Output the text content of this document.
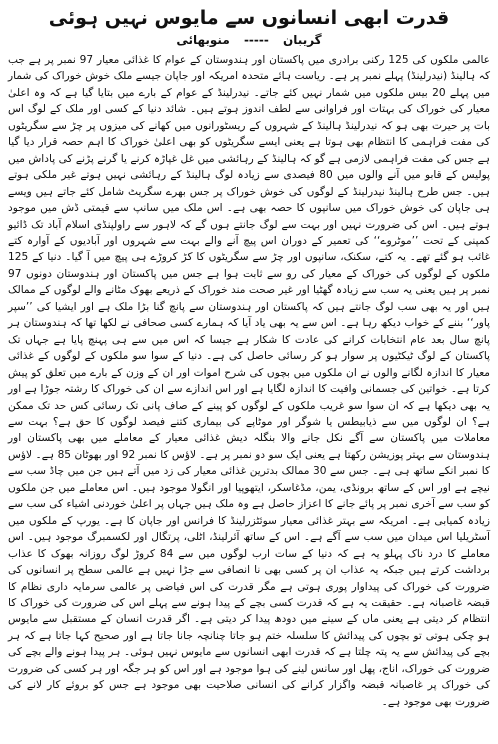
قدرت ابھی انسانوں سے مایوس نہیں ہوئی
گریبان ----- منوبھائی

عالمی ملکوں کی 125 رکنی برادری میں پاکستان اور ہندوستان کے عوام کا غذائی معیار 97 نمبر پر ہے جب کہ ہالینڈ (نیدرلینڈ) پہلے نمبر پر ہے۔ ریاست ہائے متحدہ امریکہ اور جاپان جیسے ملک خوش خوراک کی شمار میں پہلے 20 بیس ملکوں میں شمار نہیں کئے جاتے۔ نیدرلینڈ کے عوام کے بارے میں بتایا گیا ہے کہ وہ اعلیٰ معیار کی خوراک کی بہتات اور فراوانی سے لطف اندوز ہوتے ہیں۔ شائد دنیا کے کسی اور ملک کے لوگ اس بات پر حیرت بھی ہو کہ نیدرلینڈ ہالینڈ کے شہروں کے ریسٹورانوں میں کھانے کی میزوں پر چڑ سے سگریٹوں کی مفت فراہمی کا انتظام بھی ہوتا ہے یعنی ایسے سگریٹوں کو بھی اعلیٰ خوراک کا اہم حصہ قرار دیا گیا ہے جس کی مفت فراہمی لازمی ہے گو کہ ہالینڈ کے رہائشی میں غل غپاڑہ کرنے یا گرنے پڑنے کی پاداش میں پولیس کے قابو میں آنے والوں میں 80 فیصدی سے زیادہ لوگ ہالینڈ کے رہائشی نہیں ہوتے غیر ملکی ہوتے ہیں۔ جس طرح ہالینڈ نیدرلینڈ کے لوگوں کی خوش خوراک پر جس بھرے سگریٹ شامل کئے جاتے ہیں ویسے ہی جاپان کی خوش خوراک میں سانپوں کا حصہ بھی ہے۔ اس ملک میں سانپ سے قیمتی ڈش میں موجود ہوتے ہیں۔ اس کی ضرورت نہیں اور بہت سے لوگ جانتے ہوں گے کہ لاہور سے راولپنڈی اسلام آباد تک ڈائیو کمپنی کے تحت ’’موٹروے‘‘ کی تعمیر کے دوران اس پیچ آنے والے بہت سے شہروں اور آبادیوں کے آوارہ کتے غائب ہو گئے تھے۔ یہ کتے، سکنک، سانپوں اور چڑ سے سگریٹوں کا کڑ کروڑے ہی پیچ میں آ گیا۔ دنیا کے 125 ملکوں کے لوگوں کی خوراک کے معیار کی رو سے ثابت ہوا ہے جس میں پاکستان اور ہندوستان دونوں 97 نمبر پر ہیں یعنی یہ سب سے زیادہ گھٹیا اور غیر صحت مند خوراک کے ذریعے بھوک مٹانے والے لوگوں کے ممالک ہیں اور یہ بھی سب لوگ جانتے ہیں کہ پاکستان اور ہندوستان سے پانچ گنا بڑا ملک ہے اور ایشیا کی ’’سپر پاور‘‘ بننے کے خواب دیکھ رہا ہے۔ اس سے یہ بھی یاد آیا کہ ہمارے کسی صحافی نے لکھا تھا کہ ہندوستان ہر پانچ سال بعد عام انتخابات کرانے کی عادت کا شکار ہے جیسا کہ اس میں سے ہی پہنچ پایا ہے جہاں تک پاکستان کے لوگ ٹیکٹیوں پر سوار ہو کر رسائی حاصل کی ہے۔ دنیا کے سوا سو ملکوں کے لوگوں کے غذائی معیار کا اندازہ لگانے والوں نے ان ملکوں میں بچوں کی شرح اموات اور ان کے وزن کے بارے میں تعلق کو پیش کرتا ہے۔ خواتین کی جسمانی وافیت کا اندازہ لگایا ہے اور اس اندازے سے ان کی خوراک کا رشتہ جوڑا ہے اور یہ بھی دیکھا ہے کہ ان سوا سو غریب ملکوں کے لوگوں کو پینے کے صاف پانی تک رسائی کس حد تک ممکن ہے؟ ان لوگوں میں سے ذیابیطس یا شوگر اور موٹاپے کی بیماری کتنے فیصد لوگوں کا حق ہے؟ بہت سے معاملات میں پاکستان سے آگے نکل جانے والا بنگلہ دیش غذائی معیار کے معاملے میں بھی پاکستان اور ہندوستان سے بہتر پوزیشن رکھتا ہے یعنی ایک سو دو نمبر پر ہے۔ لاؤس کا نمبر 92 اور بھوٹان 85 ہے۔ لاؤس کا نمبر انکے ساتھ ہی ہے۔ جس سے 30 ممالک بدترین غذائی معیار کی زد میں آتے ہیں جن میں چاڈ سب سے نیچے ہے اور اس کے ساتھ برونڈی، یمن، مڈغاسکر، ایتھوپیا اور انگولا موجود ہیں۔ اس معاملے میں جن ملکوں کو سب سے آخری نمبر پر پائے جانے کا اعزاز حاصل ہے وہ ملک ہیں جہاں پر اعلیٰ خوردنی اشیاء کی سب سے زیادہ کمیابی ہے۔ امریکہ سے بہتر غذائی معیار سوئٹزرلینڈ کا فرانس اور جاپان کا ہے۔ یورپ کے ملکوں میں آسٹریلیا اس میدان میں سب سے آگے ہے۔ اس کے ساتھ آئرلینڈ، اٹلی، پرتگال اور لکسمبرگ موجود ہیں۔ اس معاملے کا درد ناک پہلو یہ ہے کہ دنیا کے سات ارب لوگوں میں سے 84 کروڑ لوگ روزانہ بھوک کا عذاب برداشت کرتے ہیں جبکہ یہ عذاب ان پر کسی بھی نا انصافی سے جڑا نہیں ہے عالمی سطح پر انسانوں کی ضرورت کی خوراک کی پیداوار پوری ہوتی ہے مگر قدرت کی اس فیاضی پر عالمی سرمایہ داری نظام کا قبضہ غاصبانہ ہے۔ حقیقت یہ ہے کہ قدرت کسی بچے کے پیدا ہونے سے پہلے اس کی ضرورت کی خوراک کا انتظام کر دیتی ہے یعنی ماں کے سینے میں دودھ پیدا کر دیتی ہے۔ اگر قدرت انسان کے مستقبل سے مایوس ہو چکی ہوتی تو بچوں کی پیدائش کا سلسلہ ختم ہو جاتا چنانچہ جانا جاتا ہے اور صحیح کہا جاتا ہے کہ ہر بچے کی پیدائش سے یہ پتہ چلتا ہے کہ قدرت ابھی انسانوں سے مایوس نہیں ہوئی۔ ہر پیدا ہونے والے بچے کی ضرورت کی خوراک، اناج، پھل اور سانس لینے کی ہوا موجود ہے اور اس کو ہر جگہ اور ہر کسی کی ضرورت کی خوراک پر غاصبانہ قبضہ واگزار کرانے کی انسانی صلاحیت بھی موجود ہے جس کو بروئے کار لانے کی ضرورت بھی موجود ہے۔
